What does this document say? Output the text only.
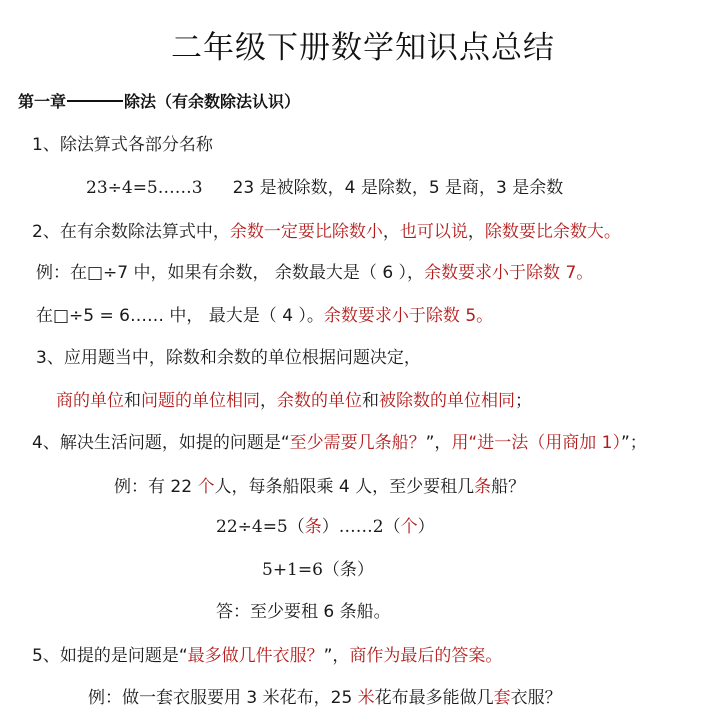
二年级下册数学知识点总结
第一章	除法（有余数除法认识）
1、除法算式各部分名称
23÷4=5……3 23 是被除数，4 是除数，5 是商，3 是余数
2、在有余数除法算式中，余数一定要比除数小，也可以说，除数要比余数大。
例：在□÷7 中，如果有余数， 余数最大是（ 6 ），余数要求小于除数 7。
在□÷5 = 6…… 中， 最大是（ 4 ）。余数要求小于除数 5。
3、应用题当中，除数和余数的单位根据问题决定，
商的单位和问题的单位相同，余数的单位和被除数的单位相同；
4、解决生活问题，如提的问题是“至少需要几条船？”，用“进一法（用商加 1）”；
例：有 22 个人，每条船限乘 4 人，至少要租几条船？
22÷4=5（条）……2（个）
5+1=6（条）
答：至少要租 6 条船。
5、如提的是问题是“最多做几件衣服？”，商作为最后的答案。
例：做一套衣服要用 3 米花布，25 米花布最多能做几套衣服？
